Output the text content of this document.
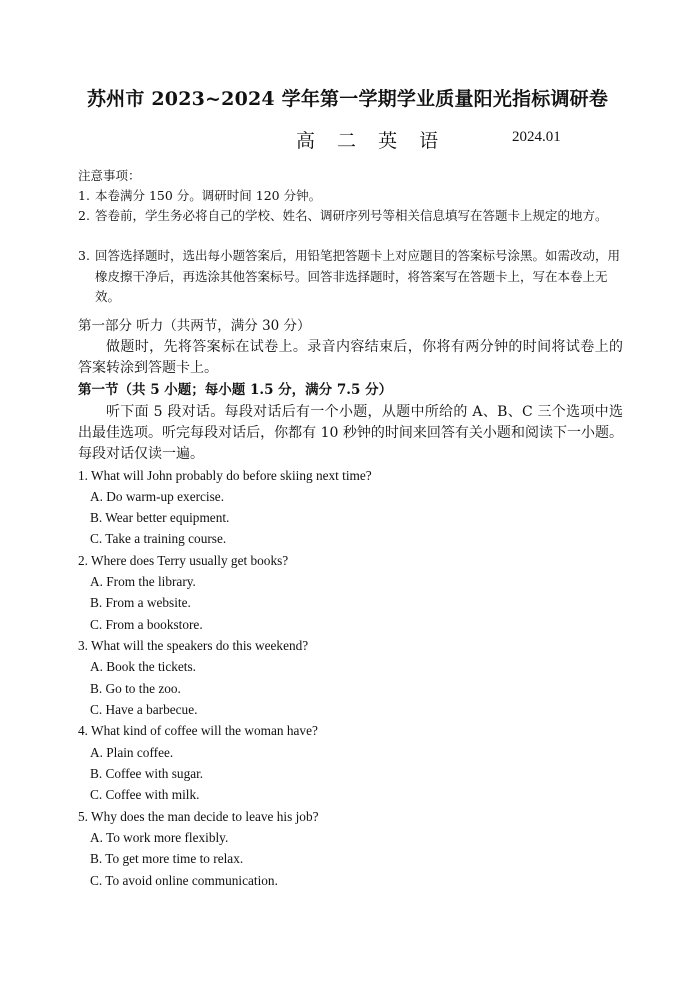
苏州市 2023~2024 学年第一学期学业质量阳光指标调研卷
高 二 英 语	2024.01
注意事项：
1. 本卷满分 150 分。调研时间 120 分钟。
2. 答卷前，学生务必将自己的学校、姓名、调研序列号等相关信息填写在答题卡上规定的地方。
3. 回答选择题时，选出每小题答案后，用铅笔把答题卡上对应题目的答案标号涂黑。如需改动，用橡皮擦干净后，再选涂其他答案标号。回答非选择题时，将答案写在答题卡上，写在本卷上无效。
第一部分 听力（共两节，满分 30 分）
做题时，先将答案标在试卷上。录音内容结束后，你将有两分钟的时间将试卷上的答案转涂到答题卡上。
第一节（共 5 小题；每小题 1.5 分，满分 7.5 分）
听下面 5 段对话。每段对话后有一个小题，从题中所给的 A、B、C 三个选项中选出最佳选项。听完每段对话后，你都有 10 秒钟的时间来回答有关小题和阅读下一小题。每段对话仅读一遍。
1. What will John probably do before skiing next time?
A. Do warm-up exercise.
B. Wear better equipment.
C. Take a training course.
2. Where does Terry usually get books?
A. From the library.
B. From a website.
C. From a bookstore.
3. What will the speakers do this weekend?
A. Book the tickets.
B. Go to the zoo.
C. Have a barbecue.
4. What kind of coffee will the woman have?
A. Plain coffee.
B. Coffee with sugar.
C. Coffee with milk.
5. Why does the man decide to leave his job?
A. To work more flexibly.
B. To get more time to relax.
C. To avoid online communication.
